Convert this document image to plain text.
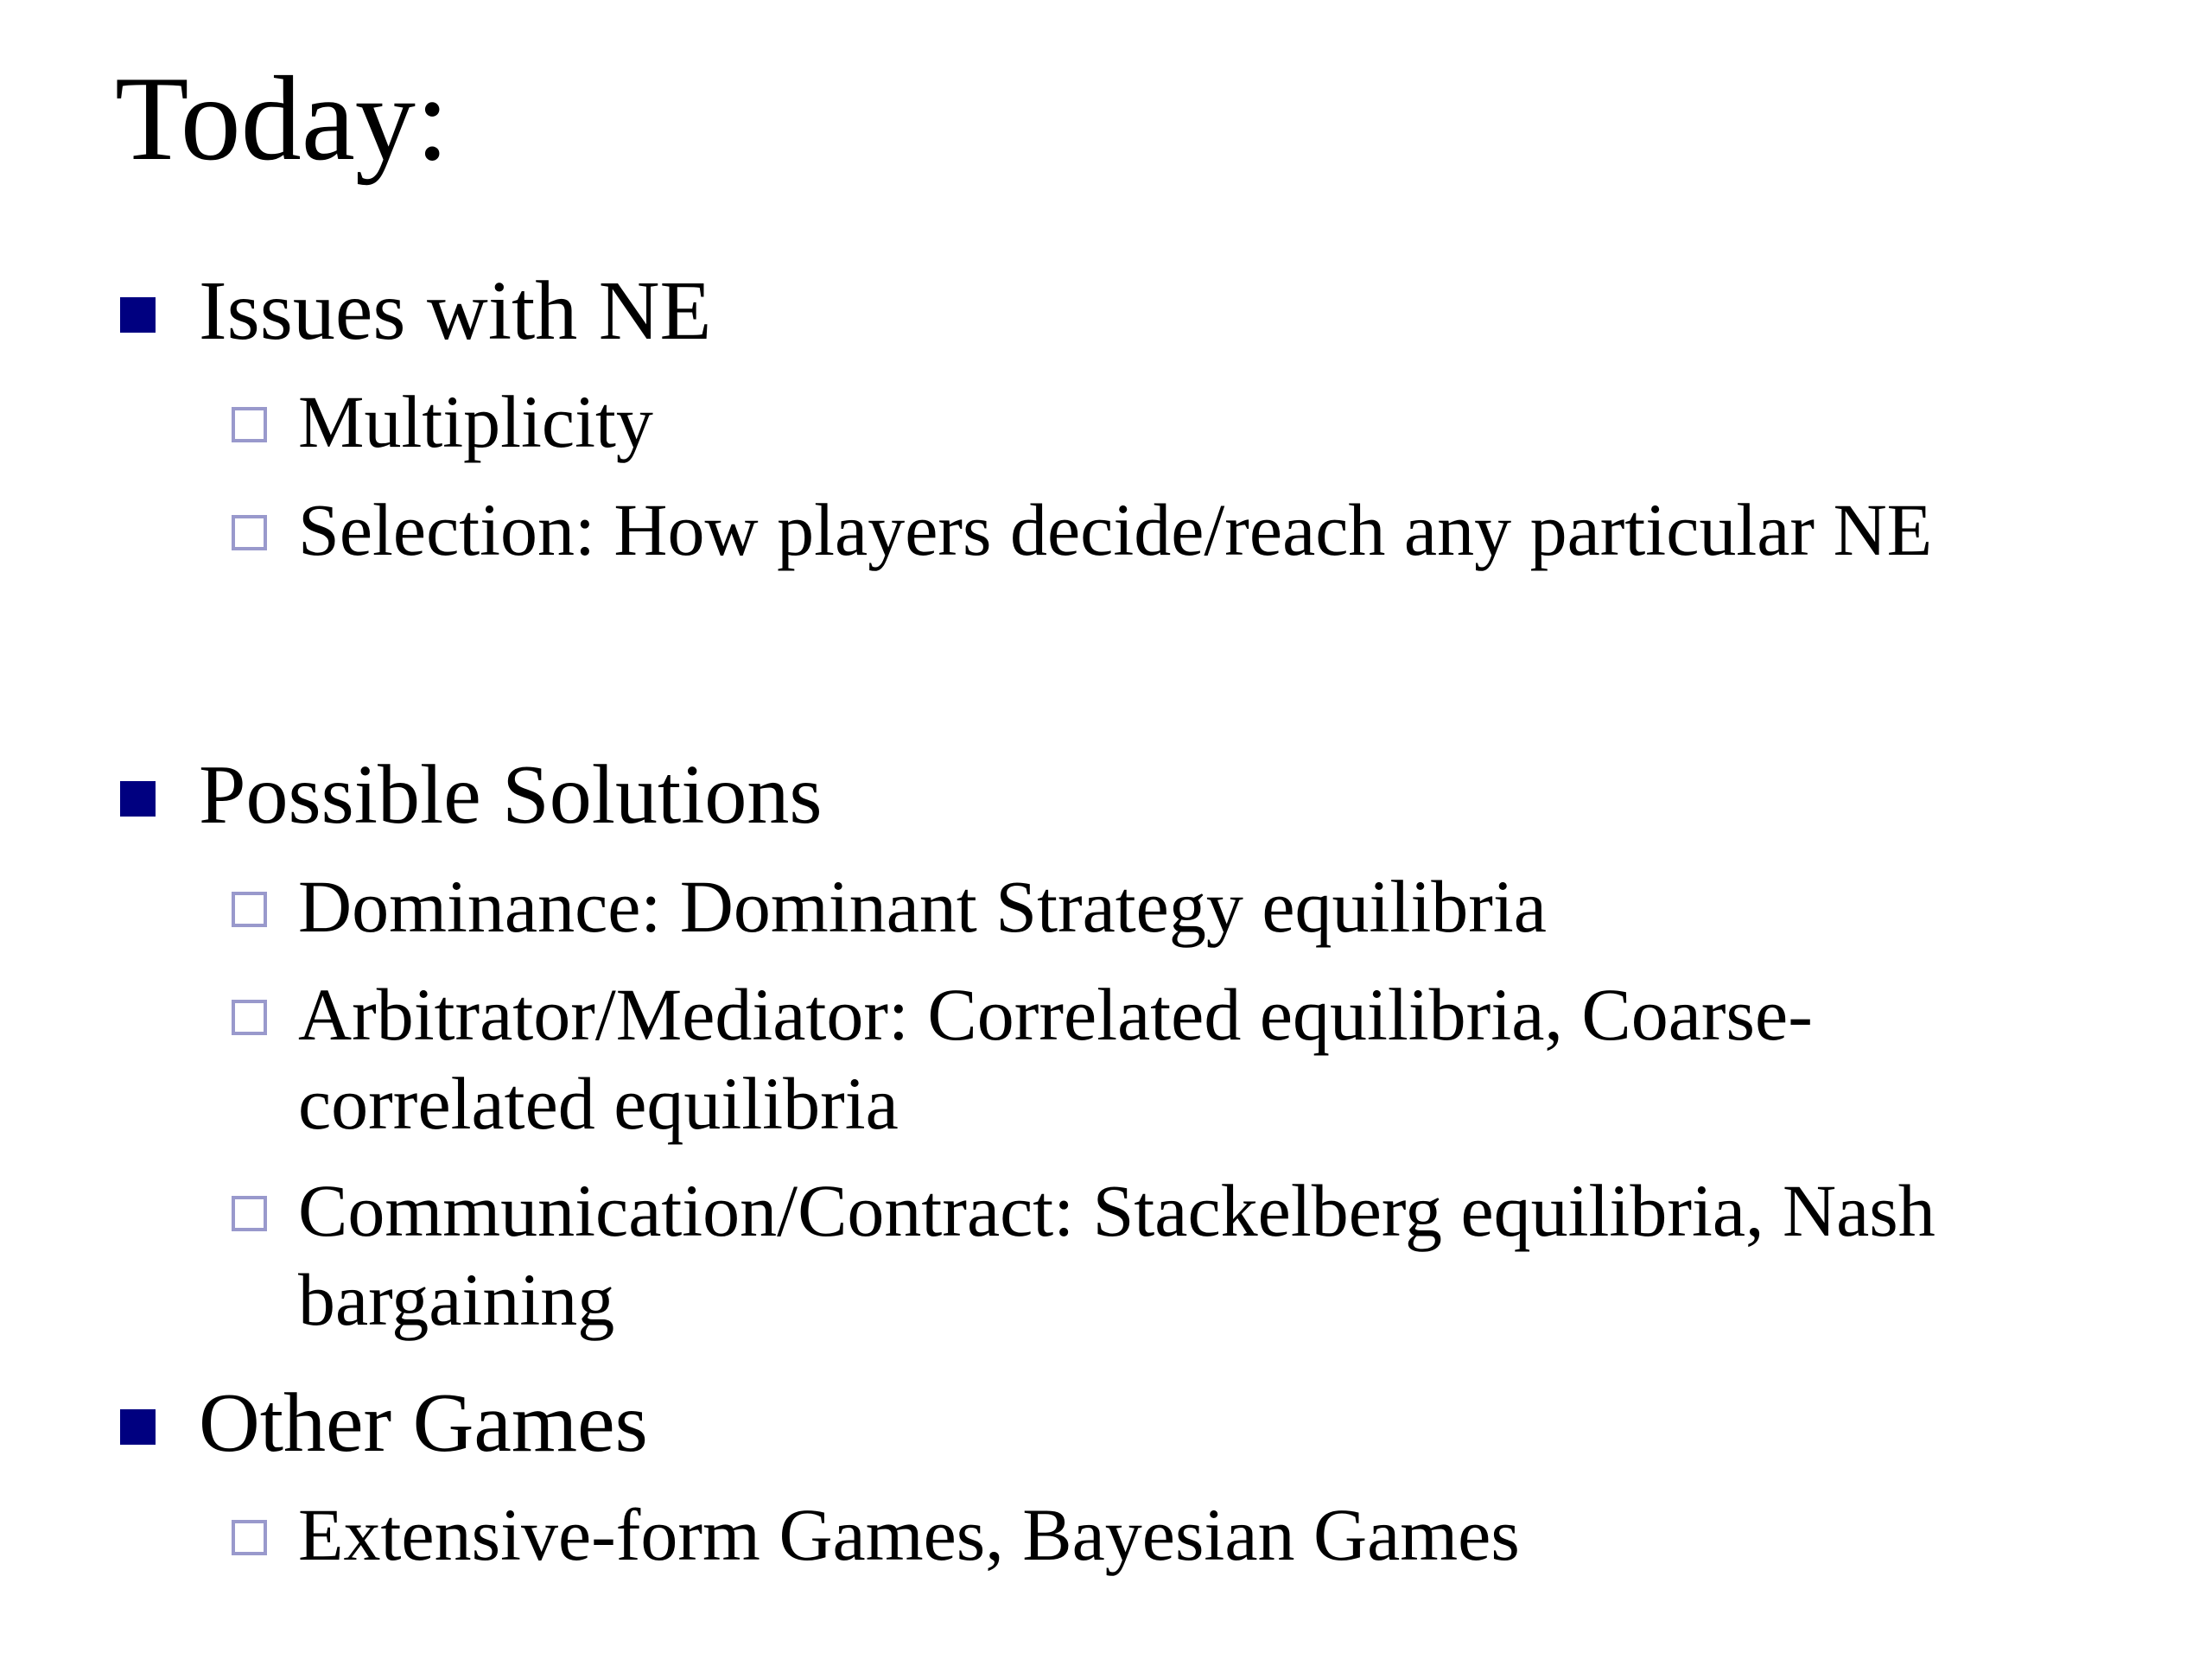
Today:
Issues with NE
Multiplicity
Selection: How players decide/reach any particular NE
Possible Solutions
Dominance: Dominant Strategy equilibria
Arbitrator/Mediator: Correlated equilibria, Coarse-
correlated equilibria
Communication/Contract: Stackelberg equilibria, Nash
bargaining
Other Games
Extensive-form Games, Bayesian Games
